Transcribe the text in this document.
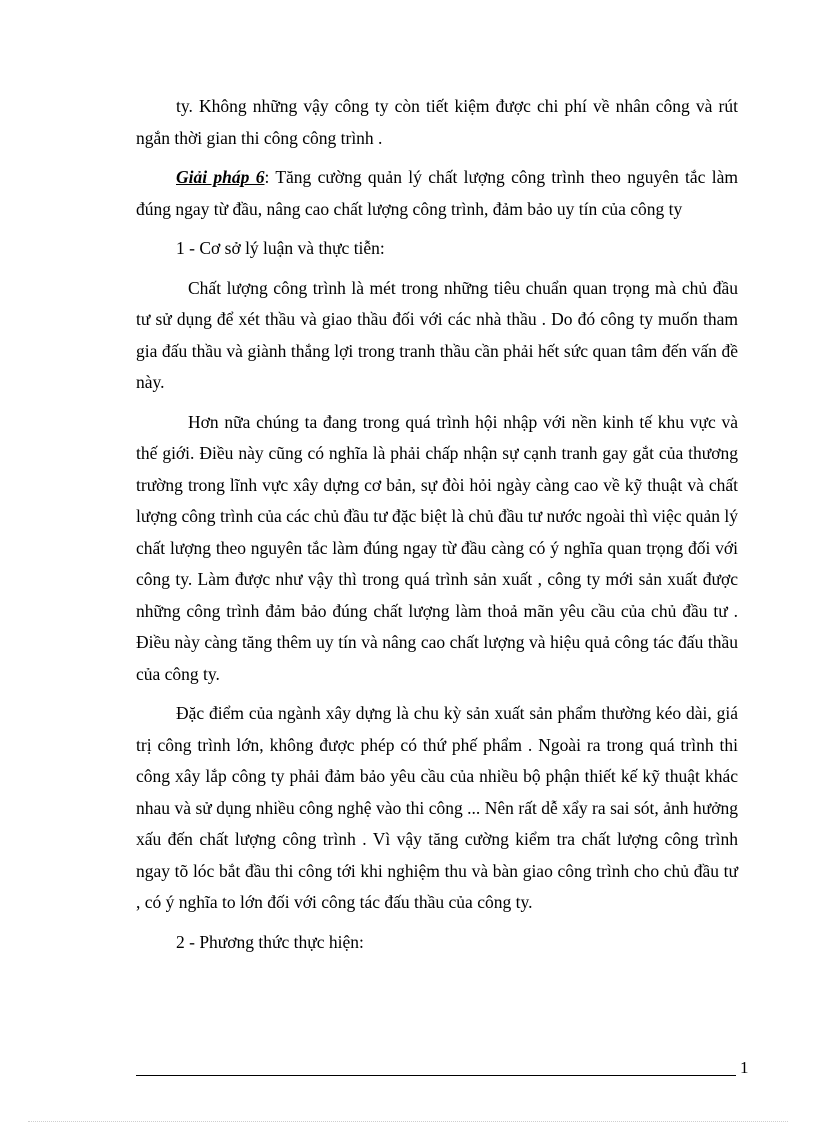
ty. Không những vậy công ty còn tiết kiệm được chi phí về nhân công và rút ngắn thời gian thi công công trình .

Giải pháp 6: Tăng cường quản lý chất lượng công trình theo nguyên tắc làm đúng ngay từ đầu, nâng cao chất lượng công trình, đảm bảo uy tín của công ty

1 - Cơ sở lý luận và thực tiễn:

Chất lượng công trình là mét trong những tiêu chuẩn quan trọng mà chủ đầu tư sử dụng để xét thầu và giao thầu đối với các nhà thầu . Do đó công ty muốn tham gia đấu thầu và giành thắng lợi trong tranh thầu cần phải hết sức quan tâm đến vấn đề này.

Hơn nữa chúng ta đang trong quá trình hội nhập với nền kinh tế khu vực và thế giới. Điều này cũng có nghĩa là phải chấp nhận sự cạnh tranh gay gắt của thương trường trong lĩnh vực xây dựng cơ bản, sự đòi hỏi ngày càng cao về kỹ thuật và chất lượng công trình của các chủ đầu tư đặc biệt là chủ đầu tư nước ngoài thì việc quản lý chất lượng theo nguyên tắc làm đúng ngay từ đầu càng có ý nghĩa quan trọng đối với công ty. Làm được như vậy thì trong quá trình sản xuất , công ty mới sản xuất được những công trình đảm bảo đúng chất lượng làm thoả mãn yêu cầu của chủ đầu tư . Điều này càng tăng thêm uy tín và nâng cao chất lượng và hiệu quả công tác đấu thầu của công ty.

Đặc điểm của ngành xây dựng là chu kỳ sản xuất sản phẩm thường kéo dài, giá trị công trình lớn, không được phép có thứ phế phẩm . Ngoài ra trong quá trình thi công xây lắp công ty phải đảm bảo yêu cầu của nhiều bộ phận thiết kế kỹ thuật khác nhau và sử dụng nhiều công nghệ vào thi công ... Nên rất dễ xẩy ra sai sót, ảnh hưởng xấu đến chất lượng công trình . Vì vậy tăng cường kiểm tra chất lượng công trình ngay tõ lóc bắt đầu thi công tới khi nghiệm thu và bàn giao công trình cho chủ đầu tư , có ý nghĩa to lớn đối với công tác đấu thầu của công ty.

2 - Phương thức thực hiện:

1
